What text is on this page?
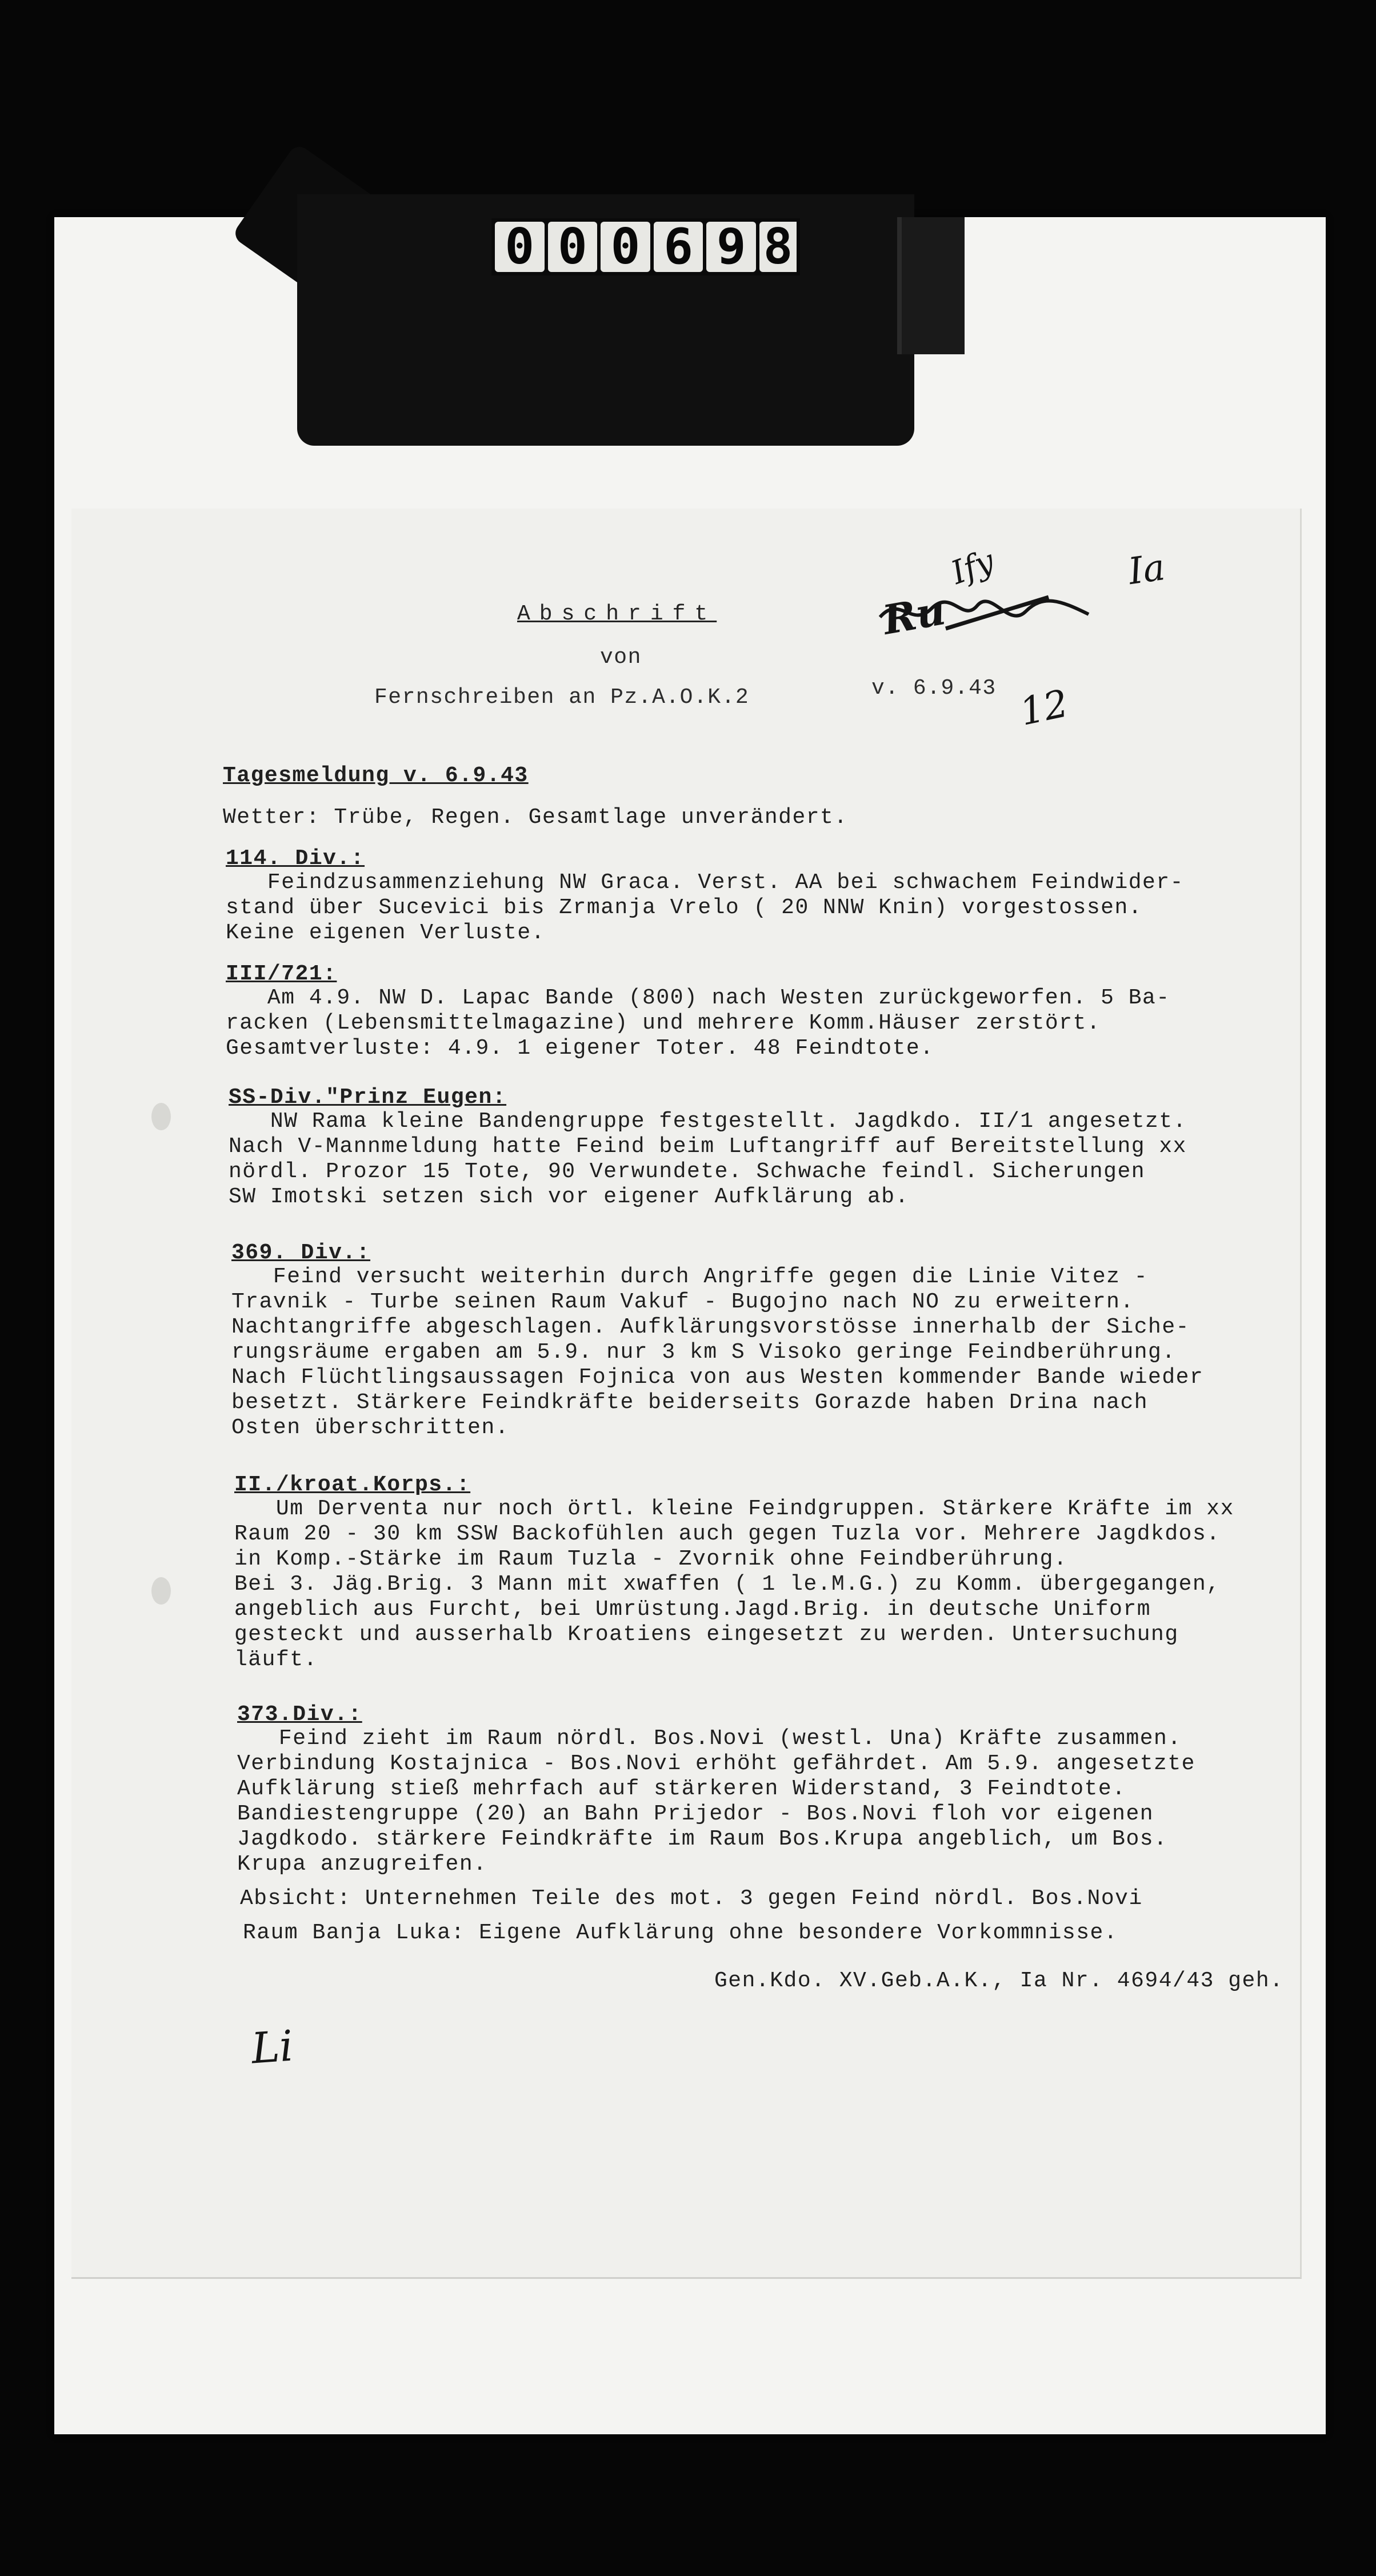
0 0 0 6 9 8
Abschrift
von
Fernschreiben an Pz.A.O.K.2	v. 6.9.43
Ia
Ru
Ify
12
Li
Tagesmeldung v. 6.9.43
Wetter: Trübe, Regen. Gesamtlage unverändert.
114. Div.:
Feindzusammenziehung NW Graca. Verst. AA bei schwachem Feindwider-
stand über Sucevici bis Zrmanja Vrelo ( 20 NNW Knin) vorgestossen.
Keine eigenen Verluste.
III/721:
Am 4.9. NW D. Lapac Bande (800) nach Westen zurückgeworfen. 5 Ba-
racken (Lebensmittelmagazine) und mehrere Komm.Häuser zerstört.
Gesamtverluste: 4.9. 1 eigener Toter. 48 Feindtote.
SS-Div."Prinz Eugen:
NW Rama kleine Bandengruppe festgestellt. Jagdkdo. II/1 angesetzt.
Nach V-Mannmeldung hatte Feind beim Luftangriff auf Bereitstellung xx
nördl. Prozor 15 Tote, 90 Verwundete. Schwache feindl. Sicherungen
SW Imotski setzen sich vor eigener Aufklärung ab.
369. Div.:
Feind versucht weiterhin durch Angriffe gegen die Linie Vitez -
Travnik - Turbe seinen Raum Vakuf - Bugojno nach NO zu erweitern.
Nachtangriffe abgeschlagen. Aufklärungsvorstösse innerhalb der Siche-
rungsräume ergaben am 5.9. nur 3 km S Visoko geringe Feindberührung.
Nach Flüchtlingsaussagen Fojnica von aus Westen kommender Bande wieder
besetzt. Stärkere Feindkräfte beiderseits Gorazde haben Drina nach
Osten überschritten.
II./kroat.Korps.:
Um Derventa nur noch örtl. kleine Feindgruppen. Stärkere Kräfte im xx
Raum 20 - 30 km SSW Backofühlen auch gegen Tuzla vor. Mehrere Jagdkdos.
in Komp.-Stärke im Raum Tuzla - Zvornik ohne Feindberührung.
Bei 3. Jäg.Brig. 3 Mann mit xwaffen ( 1 le.M.G.) zu Komm. übergegangen,
angeblich aus Furcht, bei Umrüstung.Jagd.Brig. in deutsche Uniform
gesteckt und ausserhalb Kroatiens eingesetzt zu werden. Untersuchung
läuft.
373.Div.:
Feind zieht im Raum nördl. Bos.Novi (westl. Una) Kräfte zusammen.
Verbindung Kostajnica - Bos.Novi erhöht gefährdet. Am 5.9. angesetzte
Aufklärung stieß mehrfach auf stärkeren Widerstand, 3 Feindtote.
Bandiestengruppe (20) an Bahn Prijedor - Bos.Novi floh vor eigenen
Jagdkodo. stärkere Feindkräfte im Raum Bos.Krupa angeblich, um Bos.
Krupa anzugreifen.
Absicht: Unternehmen Teile des mot. 3 gegen Feind nördl. Bos.Novi
Raum Banja Luka: Eigene Aufklärung ohne besondere Vorkommnisse.
Gen.Kdo. XV.Geb.A.K., Ia Nr. 4694/43 geh.
